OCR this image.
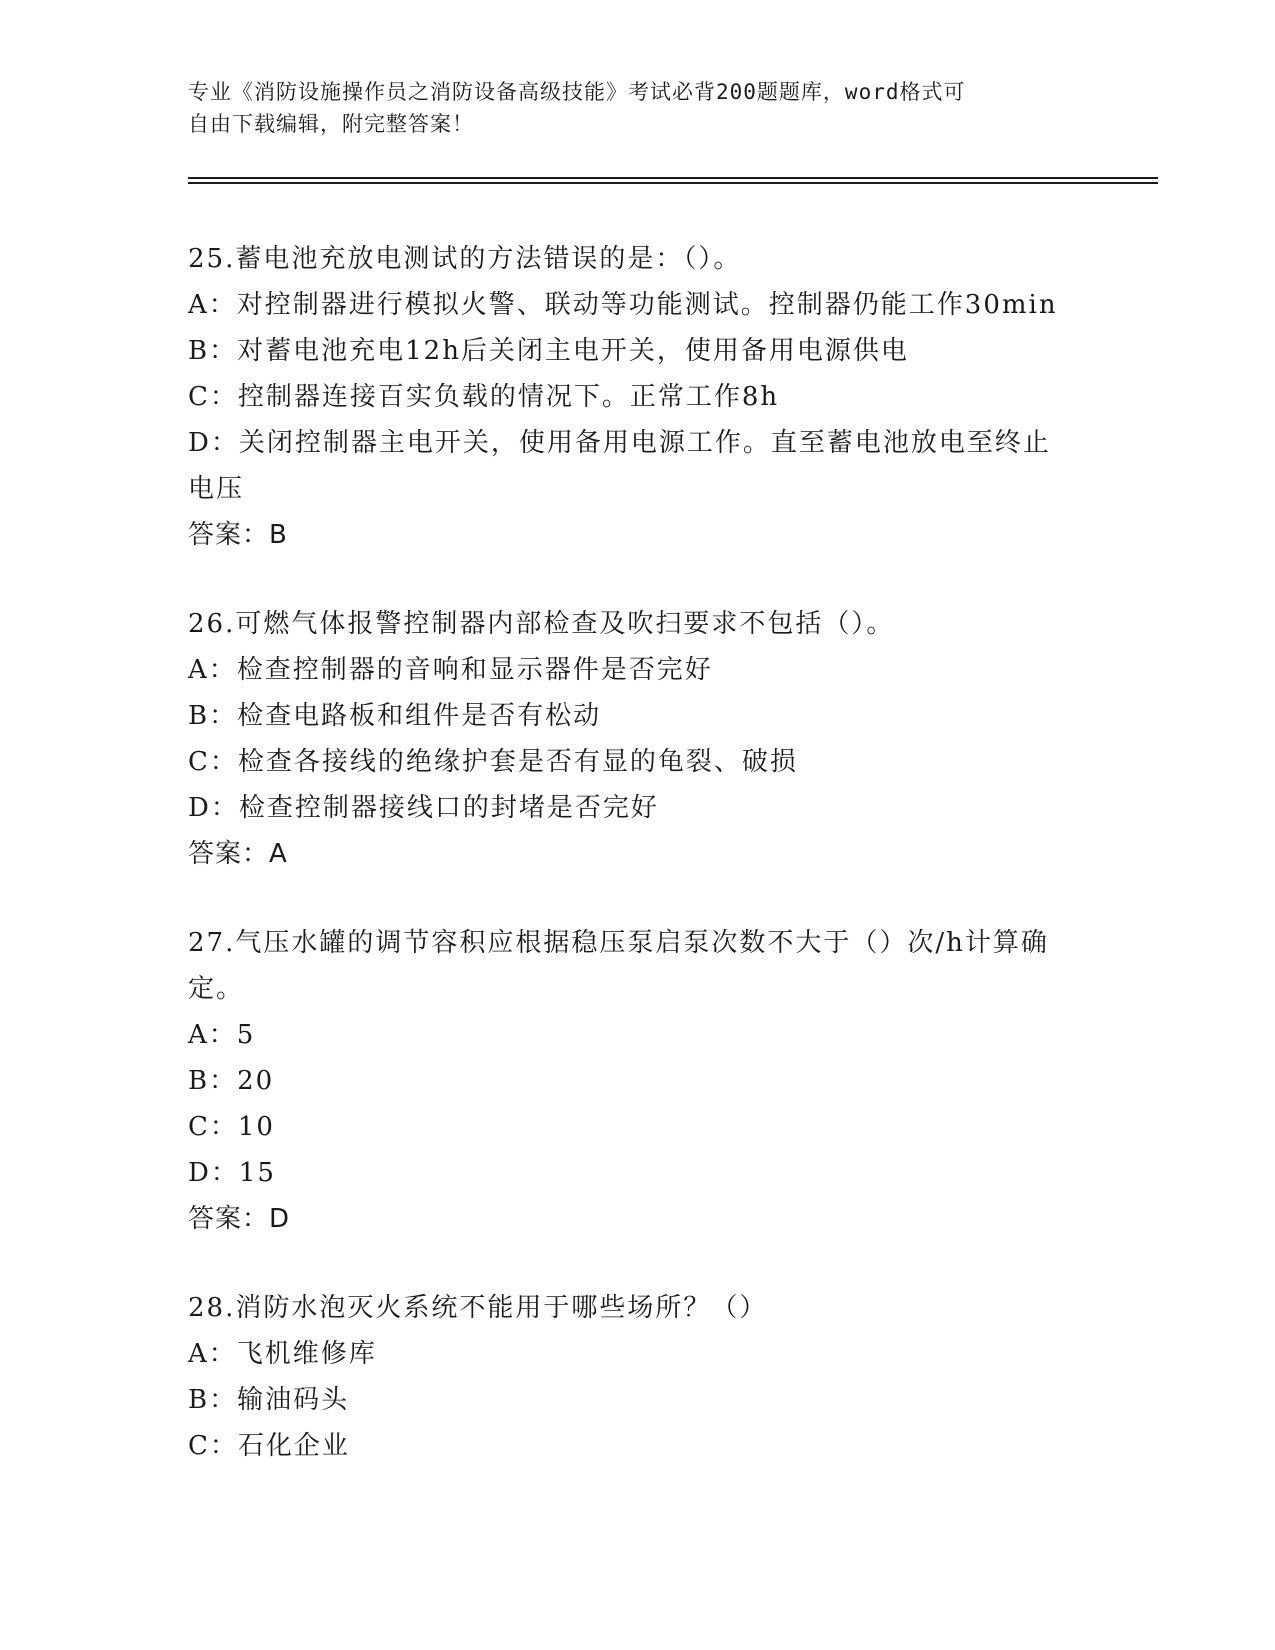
专业《消防设施操作员之消防设备高级技能》考试必背200题题库，word格式可
自由下载编辑，附完整答案！
25.蓄电池充放电测试的方法错误的是：（）。
A：对控制器进行模拟火警、联动等功能测试。控制器仍能工作30min
B：对蓄电池充电12h后关闭主电开关，使用备用电源供电
C：控制器连接百实负载的情况下。正常工作8h
D：关闭控制器主电开关，使用备用电源工作。直至蓄电池放电至终止
电压
答案：B
26.可燃气体报警控制器内部检查及吹扫要求不包括（）。
A：检查控制器的音响和显示器件是否完好
B：检查电路板和组件是否有松动
C：检查各接线的绝缘护套是否有显的龟裂、破损
D：检查控制器接线口的封堵是否完好
答案：A
27.气压水罐的调节容积应根据稳压泵启泵次数不大于（）次/h计算确
定。
A：5
B：20
C：10
D：15
答案：D
28.消防水泡灭火系统不能用于哪些场所？（）
A：飞机维修库
B：输油码头
C：石化企业
